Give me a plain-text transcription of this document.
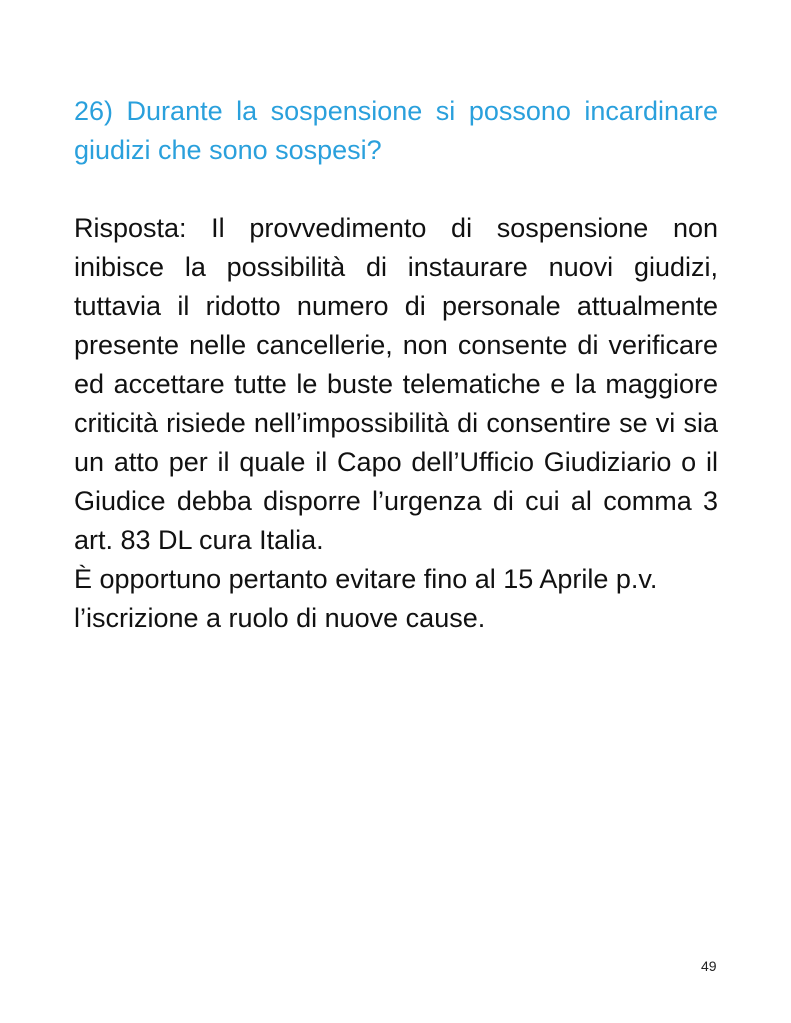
26) Durante la sospensione si possono incardinare giudizi che sono sospesi?

Risposta: Il provvedimento di sospensione non inibisce la possibilità di instaurare nuovi giudizi, tuttavia il ridotto numero di personale attualmente presente nelle cancellerie, non consente di verificare ed accettare tutte le buste telematiche e la maggiore criticità risiede nell’impossibilità di consentire se vi sia un atto per il quale il Capo dell’Ufficio Giudiziario o il Giudice debba disporre l’urgenza di cui al comma 3 art. 83 DL cura Italia.

È opportuno pertanto evitare fino al 15 Aprile p.v. l’iscrizione a ruolo di nuove cause.

49
